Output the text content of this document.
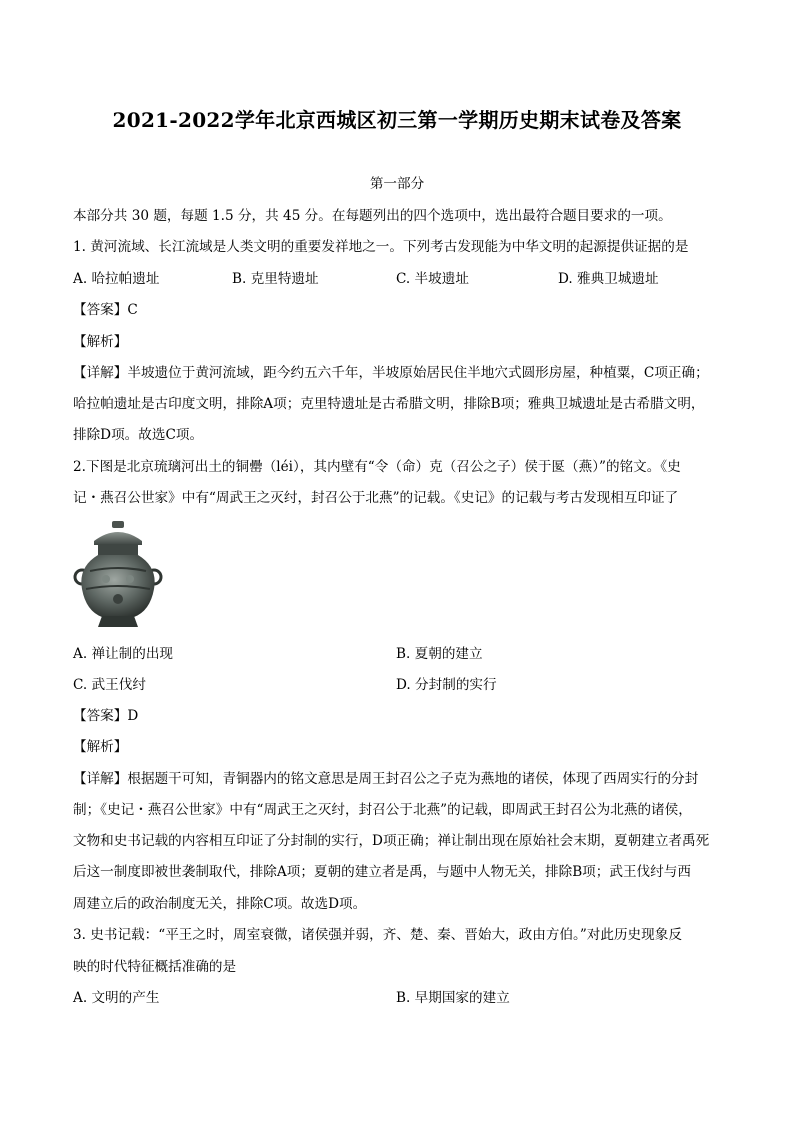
2021-2022学年北京西城区初三第一学期历史期末试卷及答案
第一部分
本部分共 30 题，每题 1.5 分，共 45 分。在每题列出的四个选项中，选出最符合题目要求的一项。
1. 黄河流域、长江流域是人类文明的重要发祥地之一。下列考古发现能为中华文明的起源提供证据的是
A. 哈拉帕遗址	B. 克里特遗址	C. 半坡遗址	D. 雅典卫城遗址
【答案】C
【解析】
【详解】半坡遗位于黄河流域，距今约五六千年，半坡原始居民住半地穴式圆形房屋，种植粟，C项正确；
哈拉帕遗址是古印度文明，排除A项；克里特遗址是古希腊文明，排除B项；雅典卫城遗址是古希腊文明，
排除D项。故选C项。
2.下图是北京琉璃河出土的铜罍（léi），其内壁有“令（命）克（召公之子）侯于匽（燕）”的铭文。《史
记・燕召公世家》中有“周武王之灭纣，封召公于北燕”的记载。《史记》的记载与考古发现相互印证了
A. 禅让制的出现	B. 夏朝的建立
C. 武王伐纣	D. 分封制的实行
【答案】D
【解析】
【详解】根据题干可知，青铜器内的铭文意思是周王封召公之子克为燕地的诸侯，体现了西周实行的分封
制；《史记・燕召公世家》中有“周武王之灭纣，封召公于北燕”的记载，即周武王封召公为北燕的诸侯，
文物和史书记载的内容相互印证了分封制的实行，D项正确；禅让制出现在原始社会末期，夏朝建立者禹死
后这一制度即被世袭制取代，排除A项；夏朝的建立者是禹，与题中人物无关，排除B项；武王伐纣与西
周建立后的政治制度无关，排除C项。故选D项。
3. 史书记载：“平王之时，周室衰微，诸侯强并弱，齐、楚、秦、晋始大，政由方伯。”对此历史现象反
映的时代特征概括准确的是
A. 文明的产生	B. 早期国家的建立
